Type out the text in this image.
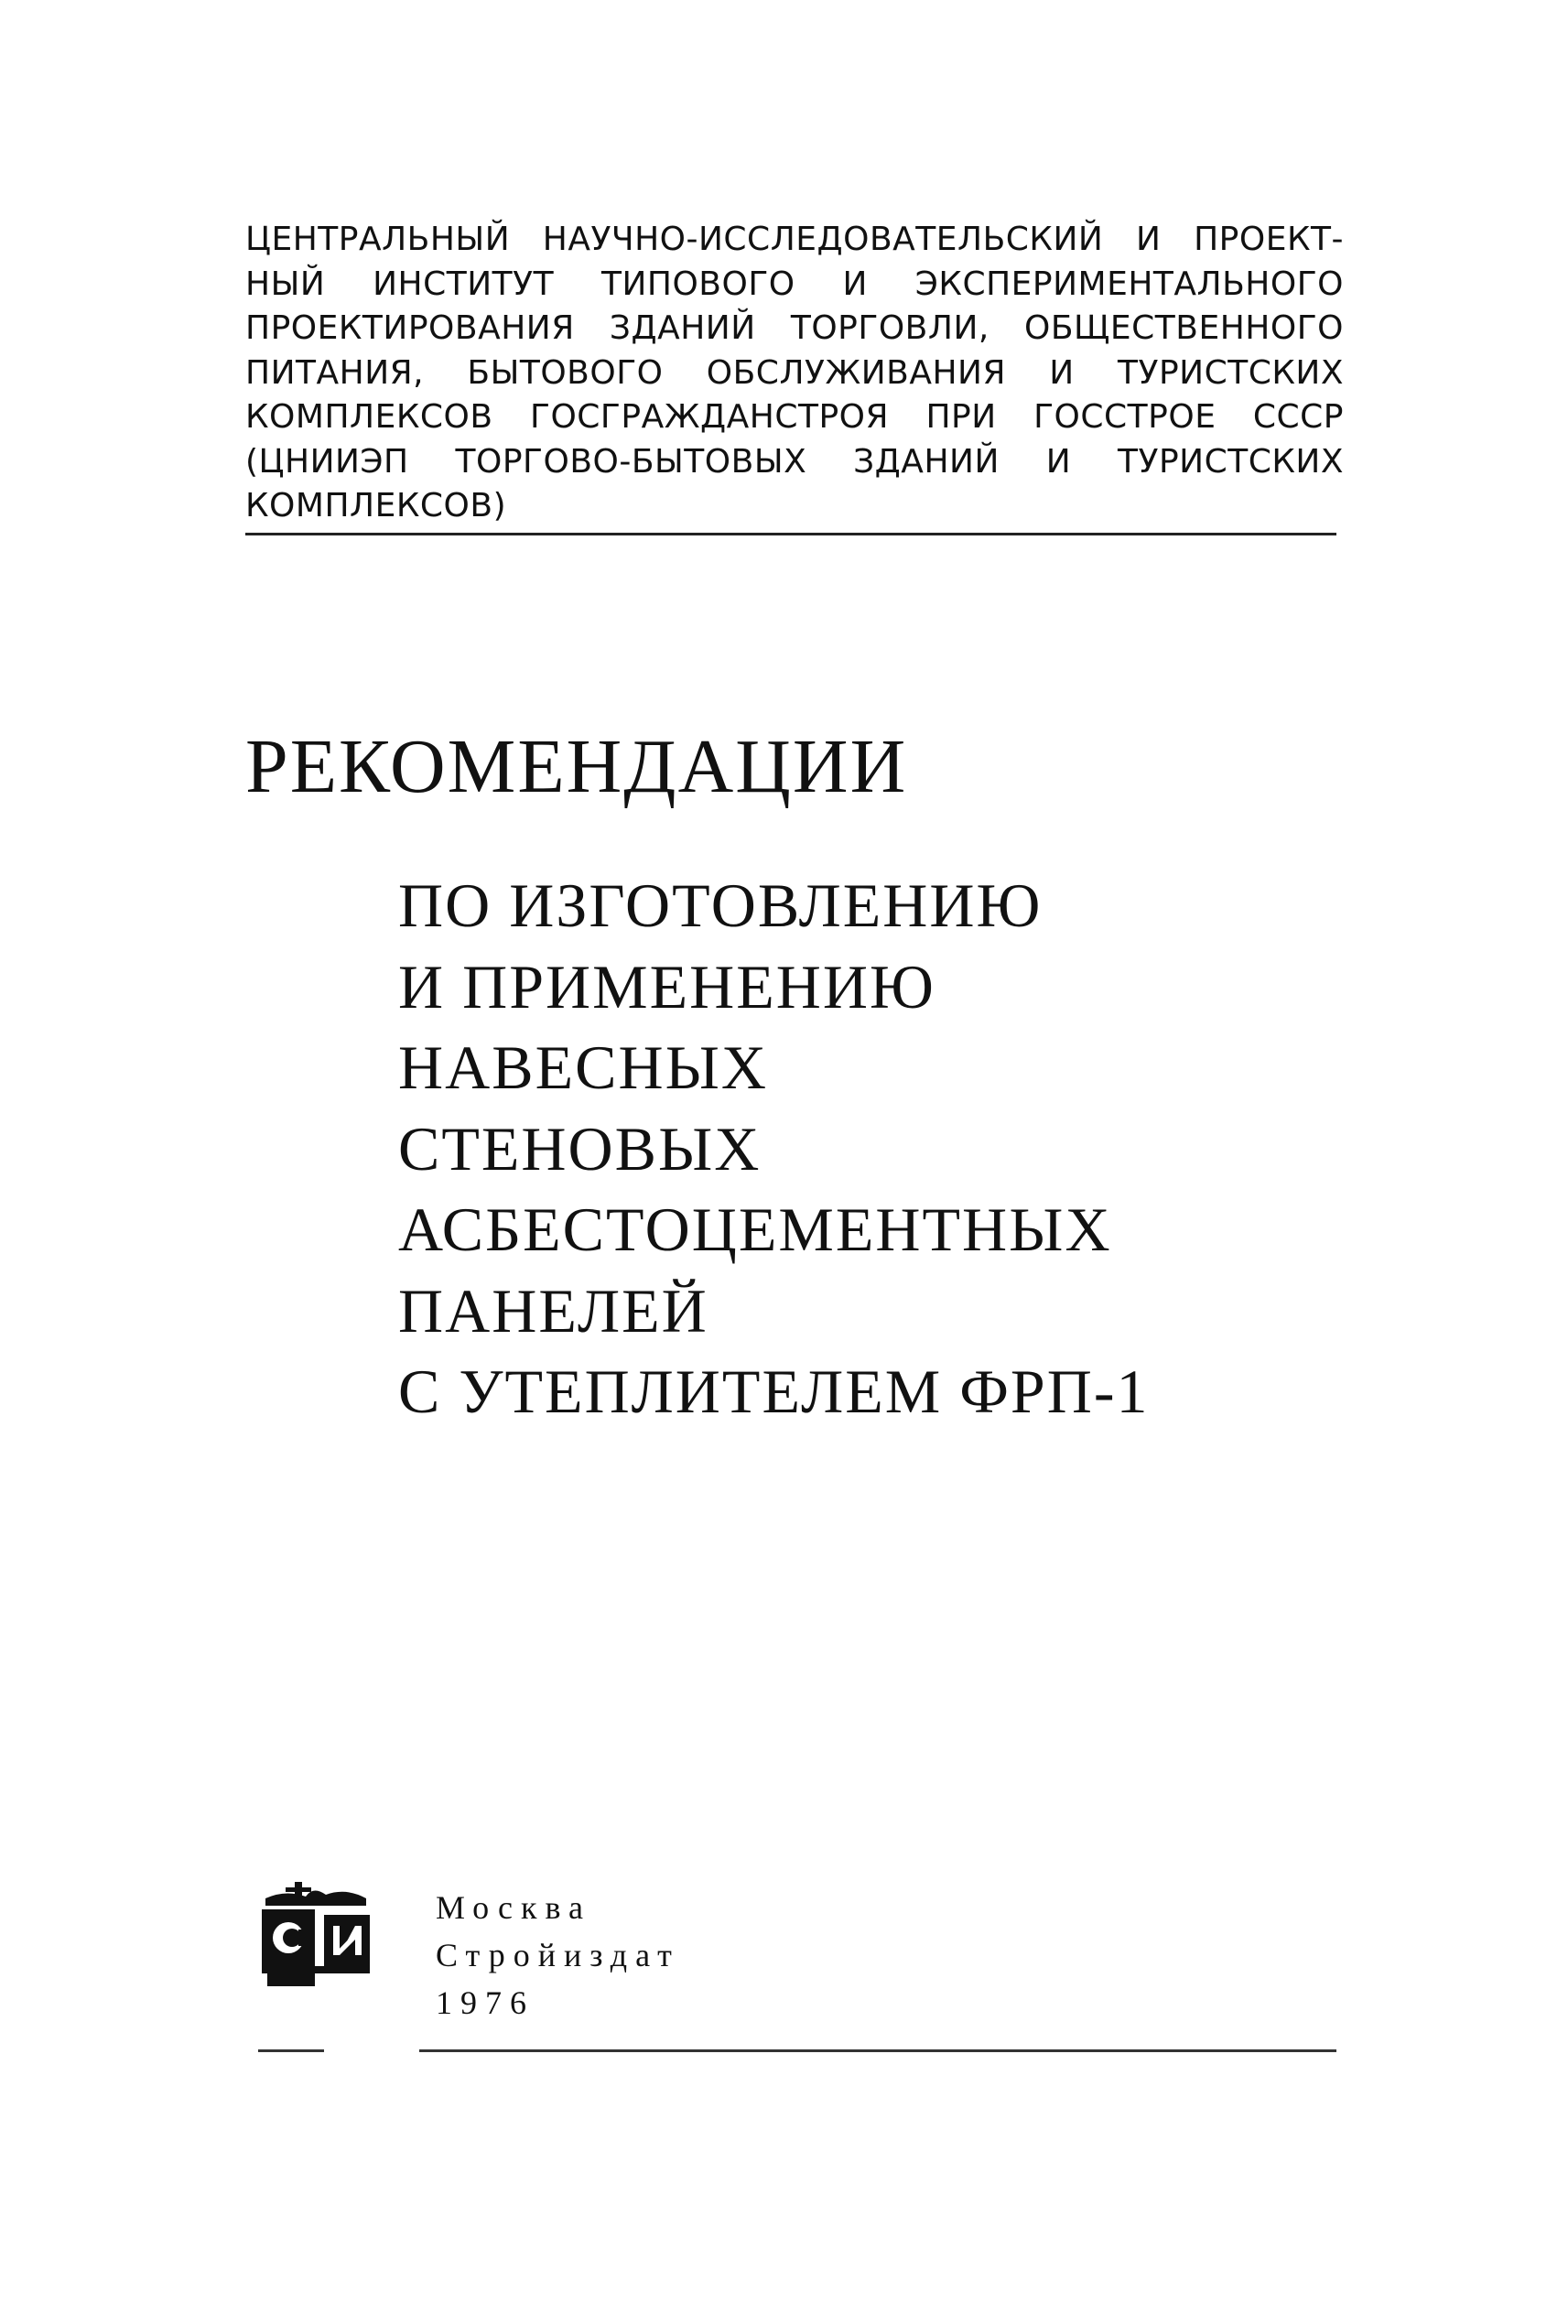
ЦЕНТРАЛЬНЫЙ НАУЧНО-ИССЛЕДОВАТЕЛЬСКИЙ И ПРОЕКТ-
НЫЙ ИНСТИТУТ ТИПОВОГО И ЭКСПЕРИМЕНТАЛЬНОГО
ПРОЕКТИРОВАНИЯ ЗДАНИЙ ТОРГОВЛИ, ОБЩЕСТВЕННОГО
ПИТАНИЯ, БЫТОВОГО ОБСЛУЖИВАНИЯ И ТУРИСТСКИХ
КОМПЛЕКСОВ ГОСГРАЖДАНСТРОЯ ПРИ ГОССТРОЕ СССР
(ЦНИИЭП ТОРГОВО-БЫТОВЫХ ЗДАНИЙ И ТУРИСТСКИХ
КОМПЛЕКСОВ)
РЕКОМЕНДАЦИИ
ПО ИЗГОТОВЛЕНИЮ
И ПРИМЕНЕНИЮ
НАВЕСНЫХ
СТЕНОВЫХ
АСБЕСТОЦЕМЕНТНЫХ
ПАНЕЛЕЙ
С УТЕПЛИТЕЛЕМ ФРП-1
Москва
Стройиздат
1976
